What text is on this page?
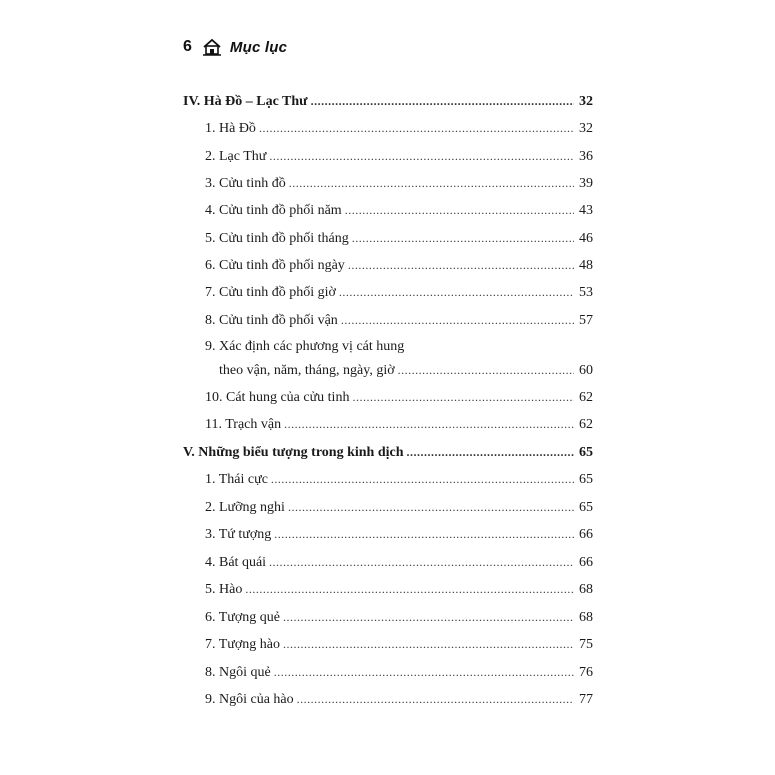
6	Mục lục
IV. Hà Đồ – Lạc Thư .....	32
1. Hà Đồ .....	32
2. Lạc Thư .....	36
3. Cửu tinh đồ .....	39
4. Cửu tinh đồ phối năm .....	43
5. Cửu tinh đồ phối tháng .....	46
6. Cửu tinh đồ phối ngày .....	48
7. Cửu tinh đồ phối giờ .....	53
8. Cửu tinh đồ phối vận .....	57
9. Xác định các phương vị cát hung
theo vận, năm, tháng, ngày, giờ .....	60
10. Cát hung của cửu tinh .....	62
11. Trạch vận .....	62
V. Những biểu tượng trong kinh dịch .....	65
1. Thái cực .....	65
2. Lưỡng nghi .....	65
3. Tứ tượng .....	66
4. Bát quái .....	66
5. Hào .....	68
6. Tượng quẻ .....	68
7. Tượng hào .....	75
8. Ngôi quẻ .....	76
9. Ngôi của hào .....	77
